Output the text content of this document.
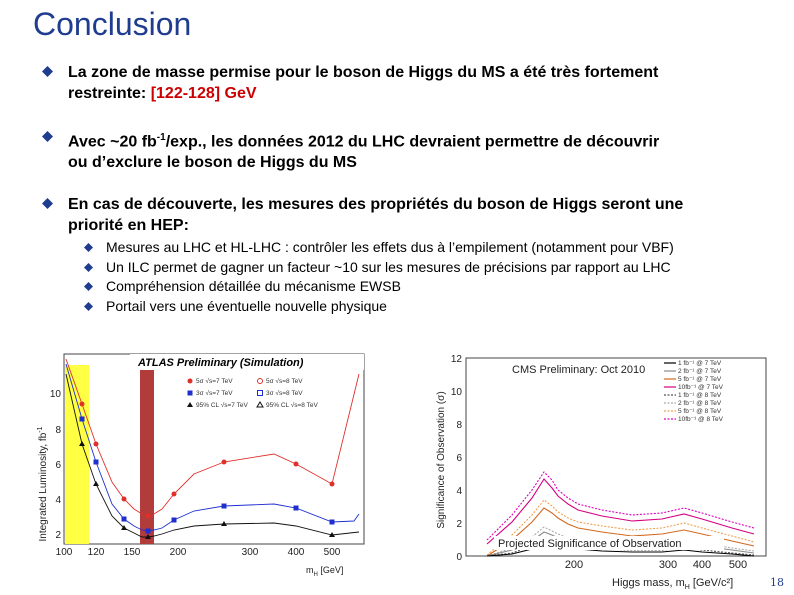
Conclusion
La zone de masse permise pour le boson de Higgs du MS a été très fortement
restreinte: [122-128] GeV
Avec ~20 $fb^{-1}/\exp$., les données 2012 du LHC devraient permettre de découvrir
ou d’exclure le boson de Higgs du MS
En cas de découverte, les mesures des propriétés du boson de Higgs seront une
priorité en HEP:
Mesures au LHC et HL-LHC : contrôler les effets dus à l’empilement (notamment pour VBF)
Un ILC permet de gagner un facteur ~10 sur les mesures de précisions par rapport au LHC
Compréhension détaillée du mécanisme EWSB
Portail vers une éventuelle nouvelle physique
Integrated Luminosity, $fb^{-1}$
ATLAS Preliminary (Simulation)
5σ √s=7 TeV	5σ √s=8 TeV
3σ √s=7 TeV	3σ √s=8 TeV
95% CL √s=7 TeV	95% CL √s=8 TeV
10
8
6
4
2
100 120 150	200	300	400 500
$m_H$ [GeV]
Significance of Observation (σ)
12
10
8
6
4
2
0
CMS Preliminary: Oct 2010
1 fb⁻¹ @ 7 TeV
2 fb⁻¹ @ 7 TeV
5 fb⁻¹ @ 7 TeV
10fb⁻¹ @ 7 TeV
1 fb⁻¹ @ 8 TeV
2 fb⁻¹ @ 8 TeV
5 fb⁻¹ @ 8 TeV
10fb⁻¹ @ 8 TeV
Projected Significance of Observation
200	300 400 500
Higgs mass, $m_H$ [GeV/c²]	18
